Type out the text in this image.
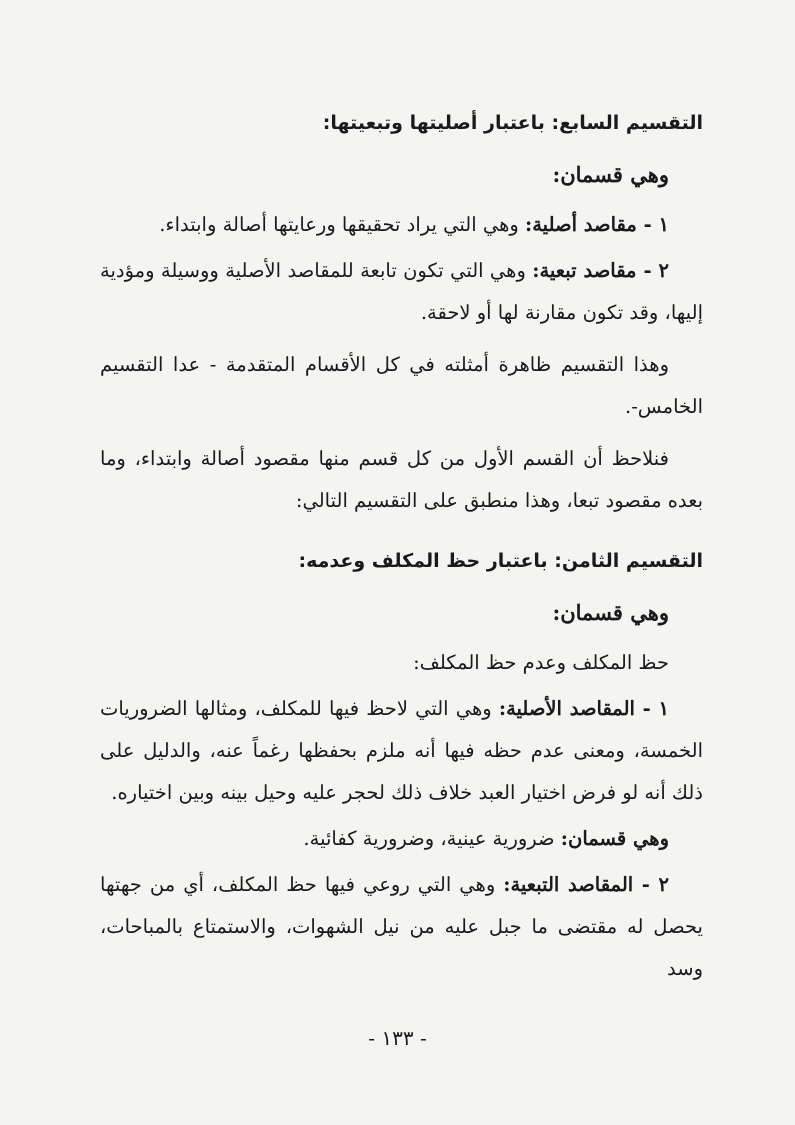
التقسيم السابع: باعتبار أصليتها وتبعيتها:
وهي قسمان:

١ - مقاصد أصلية: وهي التي يراد تحقيقها ورعايتها أصالة وابتداء.

٢ - مقاصد تبعية: وهي التي تكون تابعة للمقاصد الأصلية ووسيلة ومؤدية إليها، وقد تكون مقارنة لها أو لاحقة.

وهذا التقسيم ظاهرة أمثلته في كل الأقسام المتقدمة - عدا التقسيم الخامس-.

فنلاحظ أن القسم الأول من كل قسم منها مقصود أصالة وابتداء، وما بعده مقصود تبعا، وهذا منطبق على التقسيم التالي:

التقسيم الثامن: باعتبار حظ المكلف وعدمه:
وهي قسمان:

حظ المكلف وعدم حظ المكلف:

١ - المقاصد الأصلية: وهي التي لاحظ فيها للمكلف، ومثالها الضروريات الخمسة، ومعنى عدم حظه فيها أنه ملزم بحفظها رغماً عنه، والدليل على ذلك أنه لو فرض اختيار العبد خلاف ذلك لحجر عليه وحيل بينه وبين اختياره.

وهي قسمان: ضرورية عينية، وضرورية كفائية.

٢ - المقاصد التبعية: وهي التي روعي فيها حظ المكلف، أي من جهتها يحصل له مقتضى ما جبل عليه من نيل الشهوات، والاستمتاع بالمباحات، وسد

- ١٣٣ -
